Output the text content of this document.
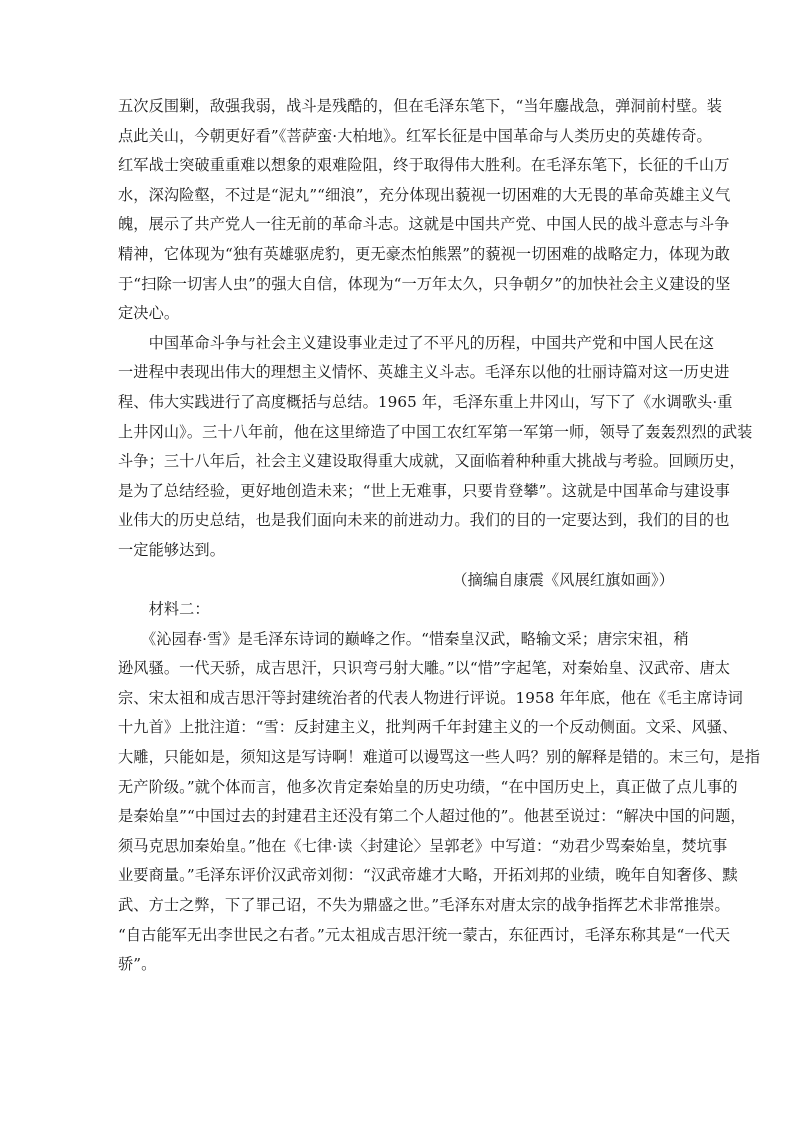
五次反围剿，敌强我弱，战斗是残酷的，但在毛泽东笔下，“当年鏖战急，弹洞前村壁。装
点此关山，今朝更好看”《菩萨蛮·大柏地》。红军长征是中国革命与人类历史的英雄传奇。
红军战士突破重重难以想象的艰难险阻，终于取得伟大胜利。在毛泽东笔下，长征的千山万
水，深沟险壑，不过是“泥丸”“细浪”，充分体现出藐视一切困难的大无畏的革命英雄主义气
魄，展示了共产党人一往无前的革命斗志。这就是中国共产党、中国人民的战斗意志与斗争
精神，它体现为“独有英雄驱虎豹，更无豪杰怕熊罴”的藐视一切困难的战略定力，体现为敢
于“扫除一切害人虫”的强大自信，体现为“一万年太久，只争朝夕”的加快社会主义建设的坚
定决心。
　　中国革命斗争与社会主义建设事业走过了不平凡的历程，中国共产党和中国人民在这
一进程中表现出伟大的理想主义情怀、英雄主义斗志。毛泽东以他的壮丽诗篇对这一历史进
程、伟大实践进行了高度概括与总结。1965 年，毛泽东重上井冈山，写下了《水调歌头·重
上井冈山》。三十八年前，他在这里缔造了中国工农红军第一军第一师，领导了轰轰烈烈的武装
斗争；三十八年后，社会主义建设取得重大成就，又面临着种种重大挑战与考验。回顾历史，
是为了总结经验，更好地创造未来；“世上无难事，只要肯登攀”。这就是中国革命与建设事
业伟大的历史总结，也是我们面向未来的前进动力。我们的目的一定要达到，我们的目的也
一定能够达到。
（摘编自康震《风展红旗如画》）
　　材料二：
　　《沁园春·雪》是毛泽东诗词的巅峰之作。“惜秦皇汉武，略输文采；唐宗宋祖，稍
逊风骚。一代天骄，成吉思汗，只识弯弓射大雕。”以“惜”字起笔，对秦始皇、汉武帝、唐太
宗、宋太祖和成吉思汗等封建统治者的代表人物进行评说。1958 年年底，他在《毛主席诗词
十九首》上批注道：“雪：反封建主义，批判两千年封建主义的一个反动侧面。文采、风骚、
大雕，只能如是，须知这是写诗啊！难道可以谩骂这一些人吗？别的解释是错的。末三句，是指
无产阶级。”就个体而言，他多次肯定秦始皇的历史功绩，“在中国历史上，真正做了点儿事的
是秦始皇”“中国过去的封建君主还没有第二个人超过他的”。他甚至说过：“解决中国的问题，
须马克思加秦始皇。”他在《七律·读〈封建论〉呈郭老》中写道：“劝君少骂秦始皇，焚坑事
业要商量。”毛泽东评价汉武帝刘彻：“汉武帝雄才大略，开拓刘邦的业绩，晚年自知奢侈、黩
武、方士之弊，下了罪己诏，不失为鼎盛之世。”毛泽东对唐太宗的战争指挥艺术非常推崇。
“自古能军无出李世民之右者。”元太祖成吉思汗统一蒙古，东征西讨，毛泽东称其是“一代天
骄”。
